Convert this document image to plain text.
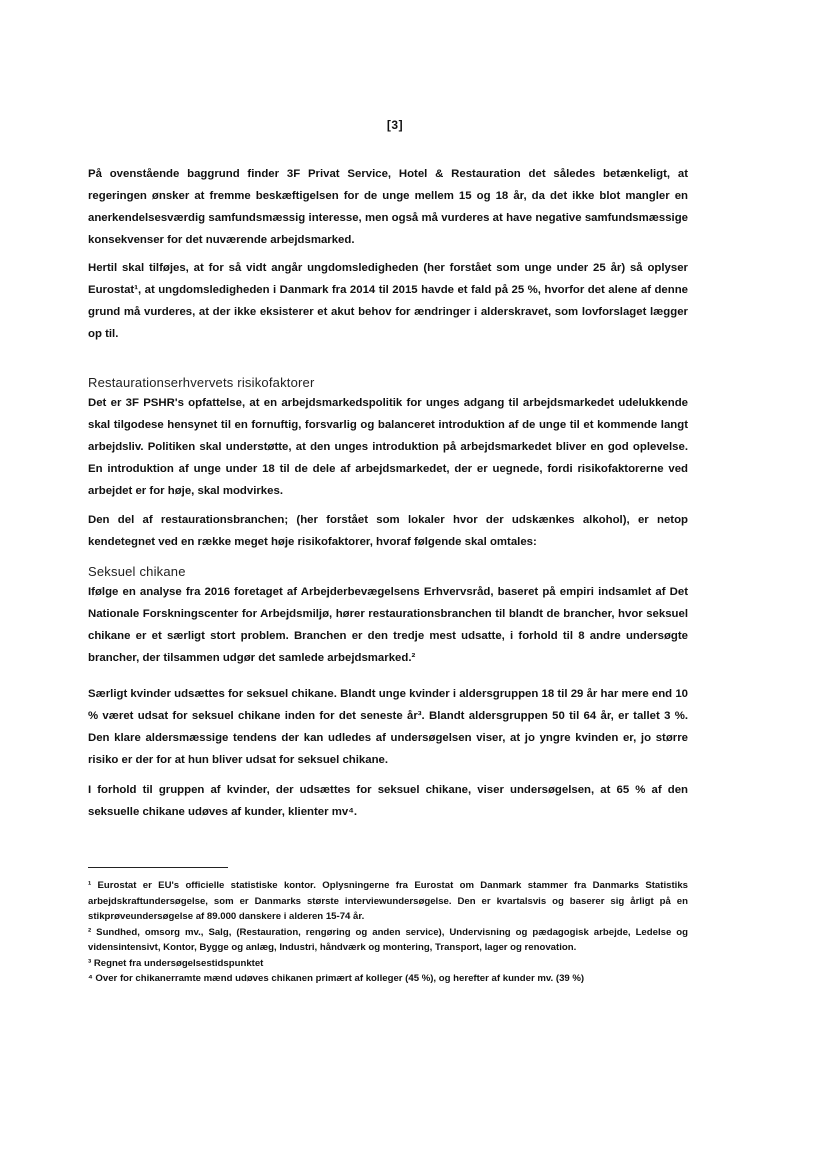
[3]

På ovenstående baggrund finder 3F Privat Service, Hotel & Restauration det således betænkeligt, at regeringen ønsker at fremme beskæftigelsen for de unge mellem 15 og 18 år, da det ikke blot mangler en anerkendelsesværdig samfundsmæssig interesse, men også må vurderes at have negative samfundsmæssige konsekvenser for det nuværende arbejdsmarked.

Hertil skal tilføjes, at for så vidt angår ungdomsledigheden (her forstået som unge under 25 år) så oplyser Eurostat¹, at ungdomsledigheden i Danmark fra 2014 til 2015 havde et fald på 25 %, hvorfor det alene af denne grund må vurderes, at der ikke eksisterer et akut behov for ændringer i alderskravet, som lovforslaget lægger op til.

Restaurationserhvervets risikofaktorer

Det er 3F PSHR's opfattelse, at en arbejdsmarkedspolitik for unges adgang til arbejdsmarkedet udelukkende skal tilgodese hensynet til en fornuftig, forsvarlig og balanceret introduktion af de unge til et kommende langt arbejdsliv. Politiken skal understøtte, at den unges introduktion på arbejdsmarkedet bliver en god oplevelse. En introduktion af unge under 18 til de dele af arbejdsmarkedet, der er uegnede, fordi risikofaktorerne ved arbejdet er for høje, skal modvirkes.

Den del af restaurationsbranchen; (her forstået som lokaler hvor der udskænkes alkohol), er netop kendetegnet ved en række meget høje risikofaktorer, hvoraf følgende skal omtales:

Seksuel chikane

Ifølge en analyse fra 2016 foretaget af Arbejderbevægelsens Erhvervsråd, baseret på empiri indsamlet af Det Nationale Forskningscenter for Arbejdsmiljø, hører restaurationsbranchen til blandt de brancher, hvor seksuel chikane er et særligt stort problem. Branchen er den tredje mest udsatte, i forhold til 8 andre undersøgte brancher, der tilsammen udgør det samlede arbejdsmarked.²

Særligt kvinder udsættes for seksuel chikane. Blandt unge kvinder i aldersgruppen 18 til 29 år har mere end 10 % været udsat for seksuel chikane inden for det seneste år³. Blandt aldersgruppen 50 til 64 år, er tallet 3 %. Den klare aldersmæssige tendens der kan udledes af undersøgelsen viser, at jo yngre kvinden er, jo større risiko er der for at hun bliver udsat for seksuel chikane.

I forhold til gruppen af kvinder, der udsættes for seksuel chikane, viser undersøgelsen, at 65 % af den seksuelle chikane udøves af kunder, klienter mv⁴.

¹ Eurostat er EU's officielle statistiske kontor. Oplysningerne fra Eurostat om Danmark stammer fra Danmarks Statistiks arbejdskraftundersøgelse, som er Danmarks største interviewundersøgelse. Den er kvartalsvis og baserer sig årligt på en stikprøveundersøgelse af 89.000 danskere i alderen 15-74 år.

² Sundhed, omsorg mv., Salg, (Restauration, rengøring og anden service), Undervisning og pædagogisk arbejde, Ledelse og vidensintensivt, Kontor, Bygge og anlæg, Industri, håndværk og montering, Transport, lager og renovation.

³ Regnet fra undersøgelsestidspunktet

⁴ Over for chikanerramte mænd udøves chikanen primært af kolleger (45 %), og herefter af kunder mv. (39 %)
